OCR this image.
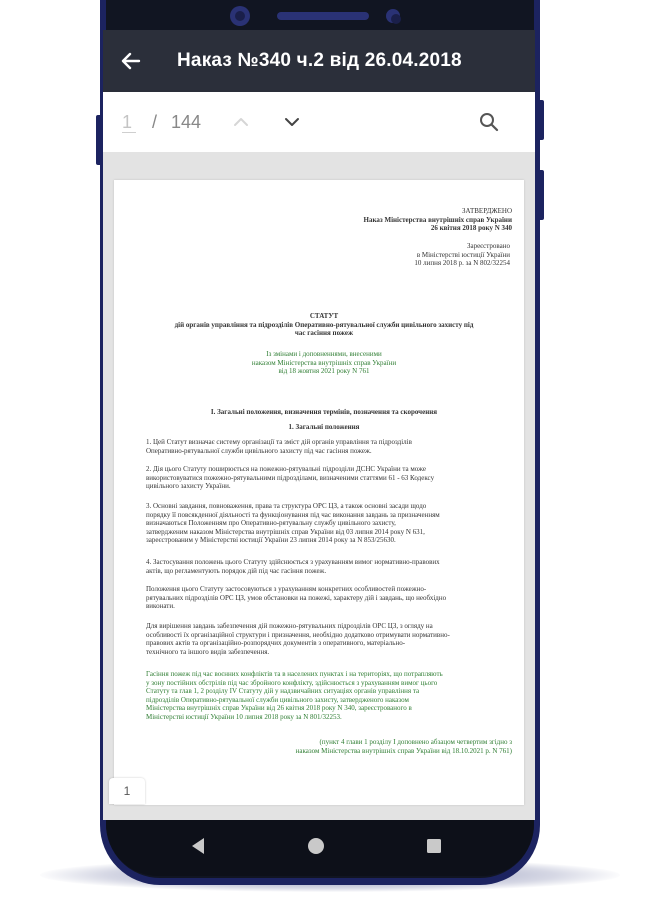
Наказ №340 ч.2 від 26.04.2018
1 / 144
ЗАТВЕРДЖЕНО
Наказ Міністерства внутрішніх справ України
26 квітня 2018 року N 340
Зареєстровано
в Міністерстві юстиції України
10 липня 2018 р. за N 802/32254
СТАТУТ
дій органів управління та підрозділів Оперативно-рятувальної служби цивільного захисту під
час гасіння пожеж
Із змінами і доповненнями, внесеними
наказом Міністерства внутрішніх справ України
від 18 жовтня 2021 року N 761
I. Загальні положення, визначення термінів, позначення та скорочення
1. Загальні положення
1. Цей Статут визначає систему організації та зміст дій органів управління та підрозділів
Оперативно-рятувальної служби цивільного захисту під час гасіння пожеж.
2. Дія цього Статуту поширюється на пожежно-рятувальні підрозділи ДСНС України та може
використовуватися пожежно-рятувальними підрозділами, визначеними статтями 61 - 63 Кодексу
цивільного захисту України.
3. Основні завдання, повноваження, права та структура ОРС ЦЗ, а також основні засади щодо
порядку її повсякденної діяльності та функціонування під час виконання завдань за призначенням
визначаються Положенням про Оперативно-рятувальну службу цивільного захисту,
затвердженим наказом Міністерства внутрішніх справ України від 03 липня 2014 року N 631,
зареєстрованим у Міністерстві юстиції України 23 липня 2014 року за N 853/25630.
4. Застосування положень цього Статуту здійснюється з урахуванням вимог нормативно-правових
актів, що регламентують порядок дій під час гасіння пожеж.
Положення цього Статуту застосовуються з урахуванням конкретних особливостей пожежно-
рятувальних підрозділів ОРС ЦЗ, умов обстановки на пожежі, характеру дій і завдань, що необхідно
виконати.
Для вирішення завдань забезпечення дій пожежно-рятувальних підрозділів ОРС ЦЗ, з огляду на
особливості їх організаційної структури і призначення, необхідно додатково отримувати нормативно-
правових актів та організаційно-розпорядчих документів з оперативного, матеріально-
технічного та іншого видів забезпечення.
Гасіння пожеж під час воєнних конфліктів та в населених пунктах і на територіях, що потрапляють
у зону постійних обстрілів під час збройного конфлікту, здійснюється з урахуванням вимог цього
Статуту та глав 1, 2 розділу IV Статуту дій у надзвичайних ситуаціях органів управління та
підрозділів Оперативно-рятувальної служби цивільного захисту, затвердженого наказом
Міністерства внутрішніх справ України від 26 квітня 2018 року N 340, зареєстрованого в
Міністерстві юстиції України 10 липня 2018 року за N 801/32253.
(пункт 4 глави 1 розділу I доповнено абзацом четвертим згідно з
наказом Міністерства внутрішніх справ України від 18.10.2021 р. N 761)
1
